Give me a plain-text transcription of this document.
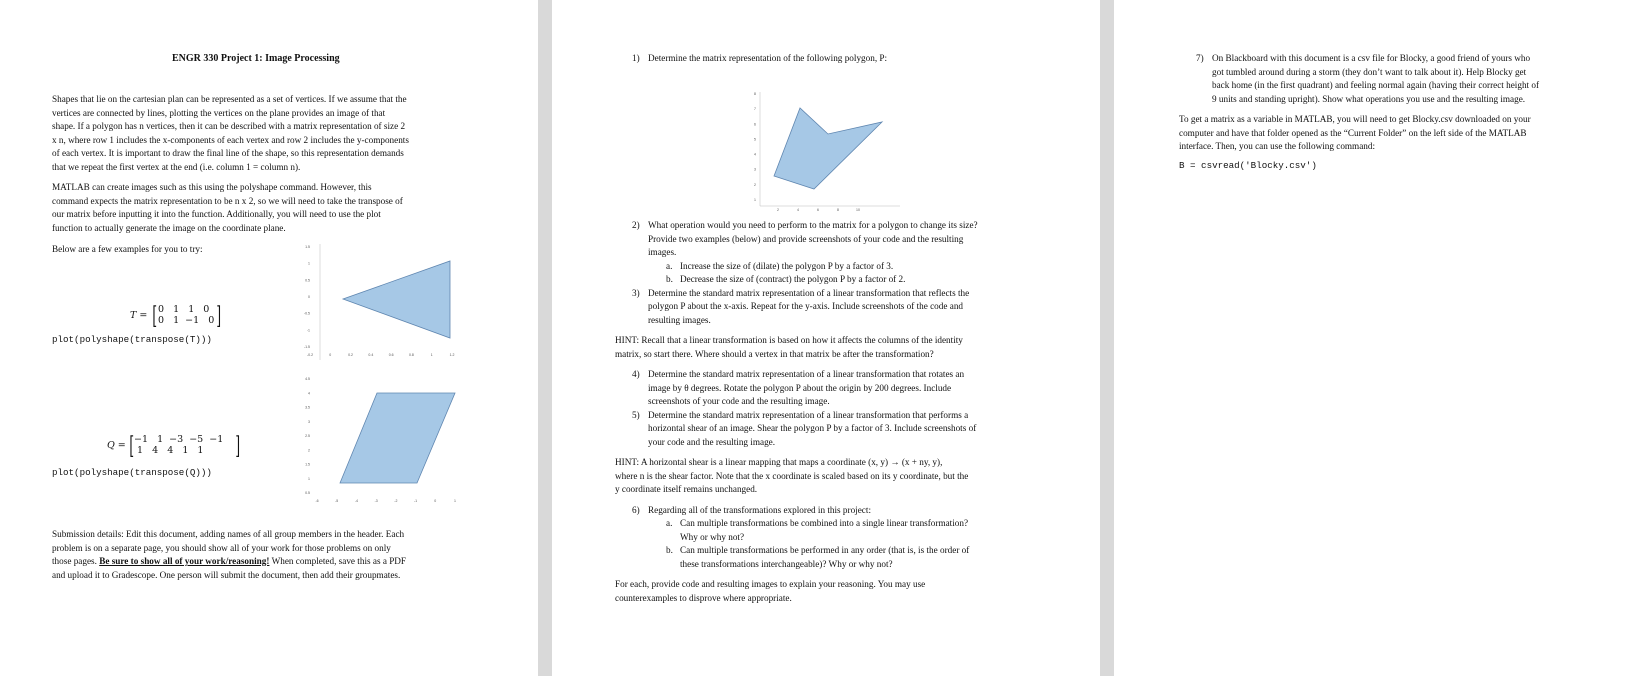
ENGR 330 Project 1: Image Processing
Shapes that lie on the cartesian plan can be represented as a set of vertices. If we assume that the
vertices are connected by lines, plotting the vertices on the plane provides an image of that
shape. If a polygon has n vertices, then it can be described with a matrix representation of size 2
x n, where row 1 includes the x-components of each vertex and row 2 includes the y-components
of each vertex. It is important to draw the final line of the shape, so this representation demands
that we repeat the first vertex at the end (i.e. column 1 = column n).
MATLAB can create images such as this using the polyshape command. However, this
command expects the matrix representation to be n x 2, so we will need to take the transpose of
our matrix before inputting it into the function. Additionally, you will need to use the plot
function to actually generate the image on the coordinate plane.
Below are a few examples for you to try:
T = [ 0   1   1   0
0   1  −1   0 ]
plot(polyshape(transpose(T)))
1.5
1
0.5
0
-0.5
-1
-1.5
-0.2	0	0.2	0.4	0.6	0.8	1	1.2
Q = [ −1   1  −3  −5  −1
1   4   4   1   1 ]
plot(polyshape(transpose(Q)))
4.5
4
3.5
3
2.5
2
1.5
1
0.5
-6	-5	-4	-3	-2	-1	0	1
Submission details: Edit this document, adding names of all group members in the header. Each
problem is on a separate page, you should show all of your work for those problems on only
those pages. Be sure to show all of your work/reasoning! When completed, save this as a PDF
and upload it to Gradescope. One person will submit the document, then add their groupmates.
1) Determine the matrix representation of the following polygon, P:
8
7
6
5
4
3
2
1
2	4	6	8	10
2) What operation would you need to perform to the matrix for a polygon to change its size?
Provide two examples (below) and provide screenshots of your code and the resulting
images.
a. Increase the size of (dilate) the polygon P by a factor of 3.
b. Decrease the size of (contract) the polygon P by a factor of 2.
3) Determine the standard matrix representation of a linear transformation that reflects the
polygon P about the x-axis. Repeat for the y-axis. Include screenshots of the code and
resulting images.
HINT: Recall that a linear transformation is based on how it affects the columns of the identity
matrix, so start there. Where should a vertex in that matrix be after the transformation?
4) Determine the standard matrix representation of a linear transformation that rotates an
image by θ degrees. Rotate the polygon P about the origin by 200 degrees. Include
screenshots of your code and the resulting image.
5) Determine the standard matrix representation of a linear transformation that performs a
horizontal shear of an image. Shear the polygon P by a factor of 3. Include screenshots of
your code and the resulting image.
HINT: A horizontal shear is a linear mapping that maps a coordinate (x, y) → (x + ny, y),
where n is the shear factor. Note that the x coordinate is scaled based on its y coordinate, but the
y coordinate itself remains unchanged.
6) Regarding all of the transformations explored in this project:
a. Can multiple transformations be combined into a single linear transformation?
Why or why not?
b. Can multiple transformations be performed in any order (that is, is the order of
these transformations interchangeable)? Why or why not?
For each, provide code and resulting images to explain your reasoning. You may use
counterexamples to disprove where appropriate.
7) On Blackboard with this document is a csv file for Blocky, a good friend of yours who
got tumbled around during a storm (they don’t want to talk about it). Help Blocky get
back home (in the first quadrant) and feeling normal again (having their correct height of
9 units and standing upright). Show what operations you use and the resulting image.
To get a matrix as a variable in MATLAB, you will need to get Blocky.csv downloaded on your
computer and have that folder opened as the “Current Folder” on the left side of the MATLAB
interface. Then, you can use the following command:
B = csvread('Blocky.csv')
